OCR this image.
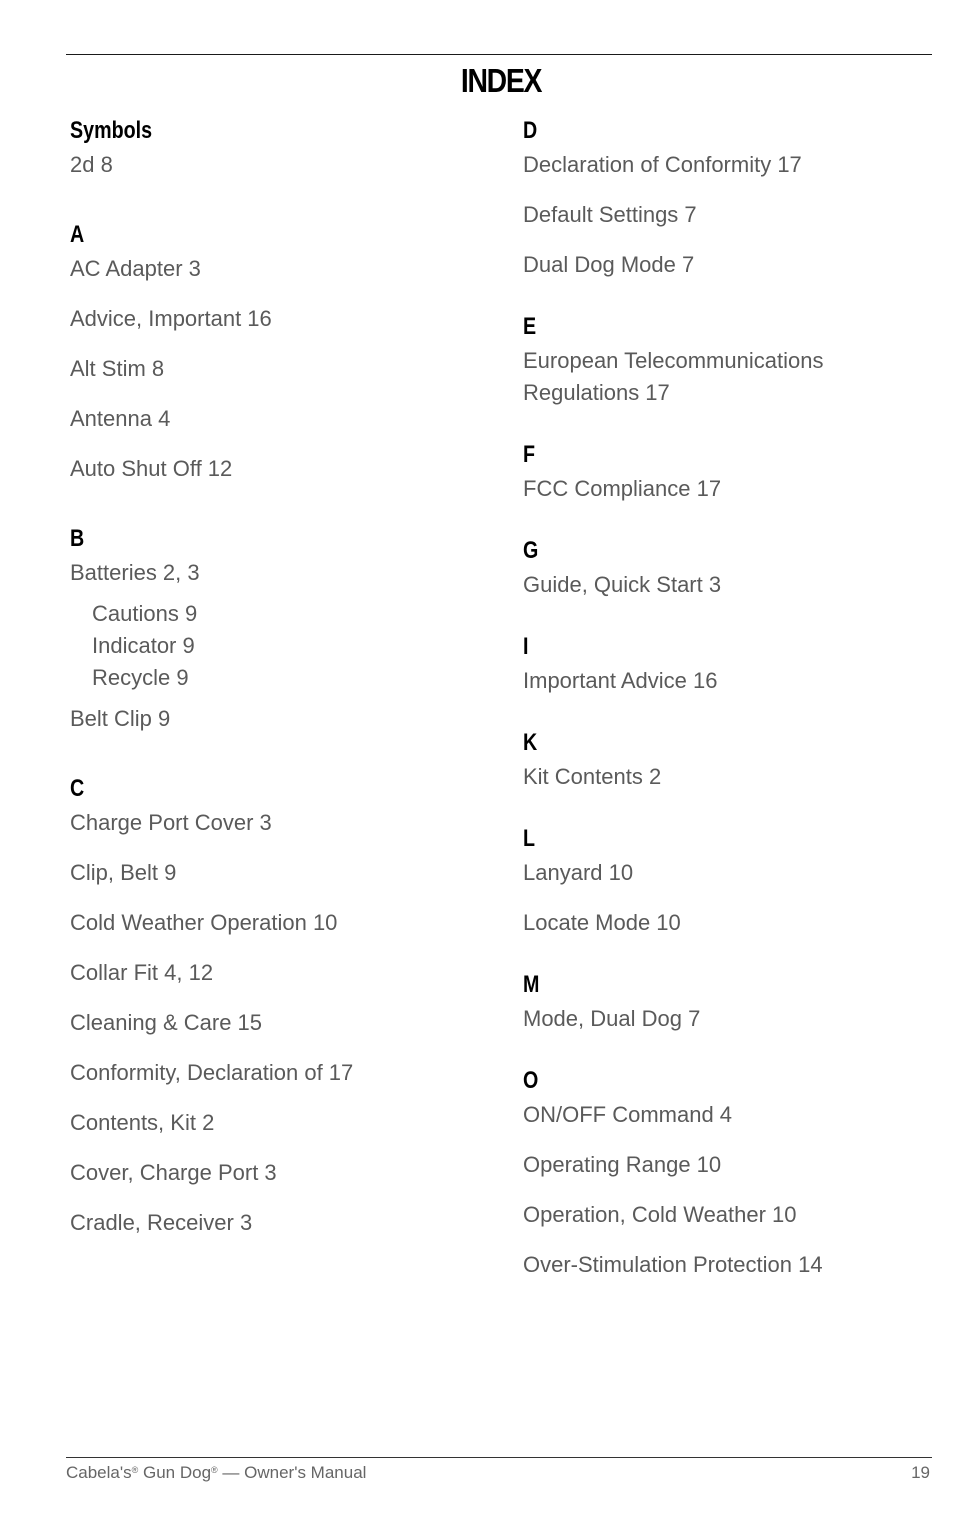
INDEX
Symbols
2d 8
A
AC Adapter 3
Advice, Important 16
Alt Stim 8
Antenna 4
Auto Shut Off 12
B
Batteries 2, 3
Cautions 9
Indicator 9
Recycle 9
Belt Clip 9
C
Charge Port Cover 3
Clip, Belt 9
Cold Weather Operation 10
Collar Fit 4, 12
Cleaning & Care 15
Conformity, Declaration of 17
Contents, Kit 2
Cover, Charge Port 3
Cradle, Receiver 3
D
Declaration of Conformity 17
Default Settings 7
Dual Dog Mode 7
E
European Telecommunications
Regulations 17
F
FCC Compliance 17
G
Guide, Quick Start 3
I
Important Advice 16
K
Kit Contents 2
L
Lanyard 10
Locate Mode 10
M
Mode, Dual Dog 7
O
ON/OFF Command 4
Operating Range 10
Operation, Cold Weather 10
Over-Stimulation Protection 14
Cabela's® Gun Dog® — Owner's Manual	19
